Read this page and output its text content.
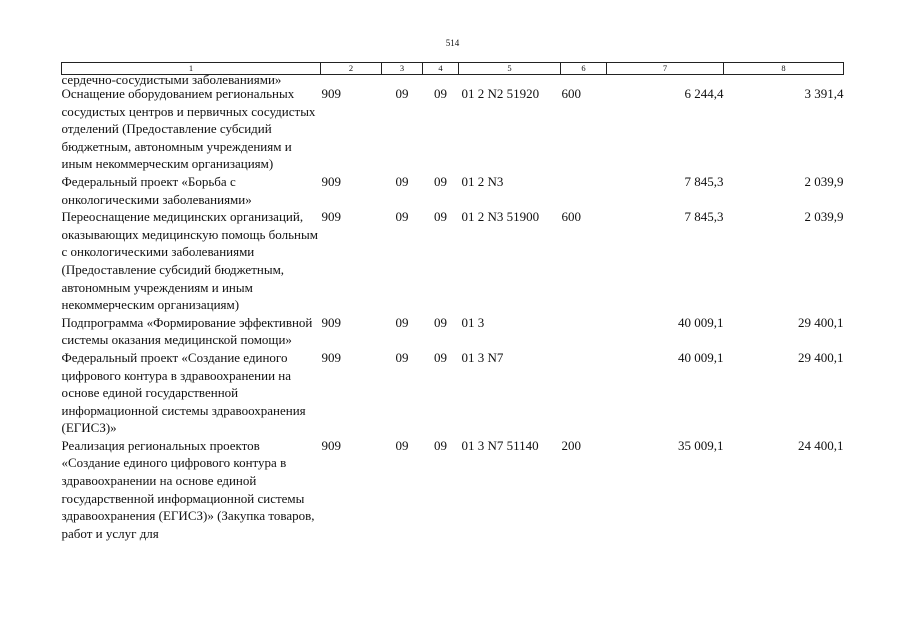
514
1	2	3	4	5	6	7	8
сердечно-сосудистыми заболеваниями»							
Оснащение оборудованием региональных сосудистых центров и первичных сосудистых отделений (Предоставление субсидий бюджетным, автономным учреждениям и иным некоммерческим организациям)	909	09	09	01 2 N2 51920	600	6 244,4	3 391,4
Федеральный проект «Борьба с онкологическими заболеваниями»	909	09	09	01 2 N3		7 845,3	2 039,9
Переоснащение медицинских организаций, оказывающих медицинскую помощь больным с онкологическими заболеваниями (Предоставление субсидий бюджетным, автономным учреждениям и иным некоммерческим организациям)	909	09	09	01 2 N3 51900	600	7 845,3	2 039,9
Подпрограмма «Формирование эффективной системы оказания медицинской помощи»	909	09	09	01 3		40 009,1	29 400,1
Федеральный проект «Создание единого цифрового контура в здравоохранении на основе единой государственной информационной системы здравоохранения (ЕГИСЗ)»	909	09	09	01 3 N7		40 009,1	29 400,1
Реализация региональных проектов «Создание единого цифрового контура в здравоохранении на основе единой государственной информационной системы здравоохранения (ЕГИСЗ)» (Закупка товаров, работ и услуг для	909	09	09	01 3 N7 51140	200	35 009,1	24 400,1
